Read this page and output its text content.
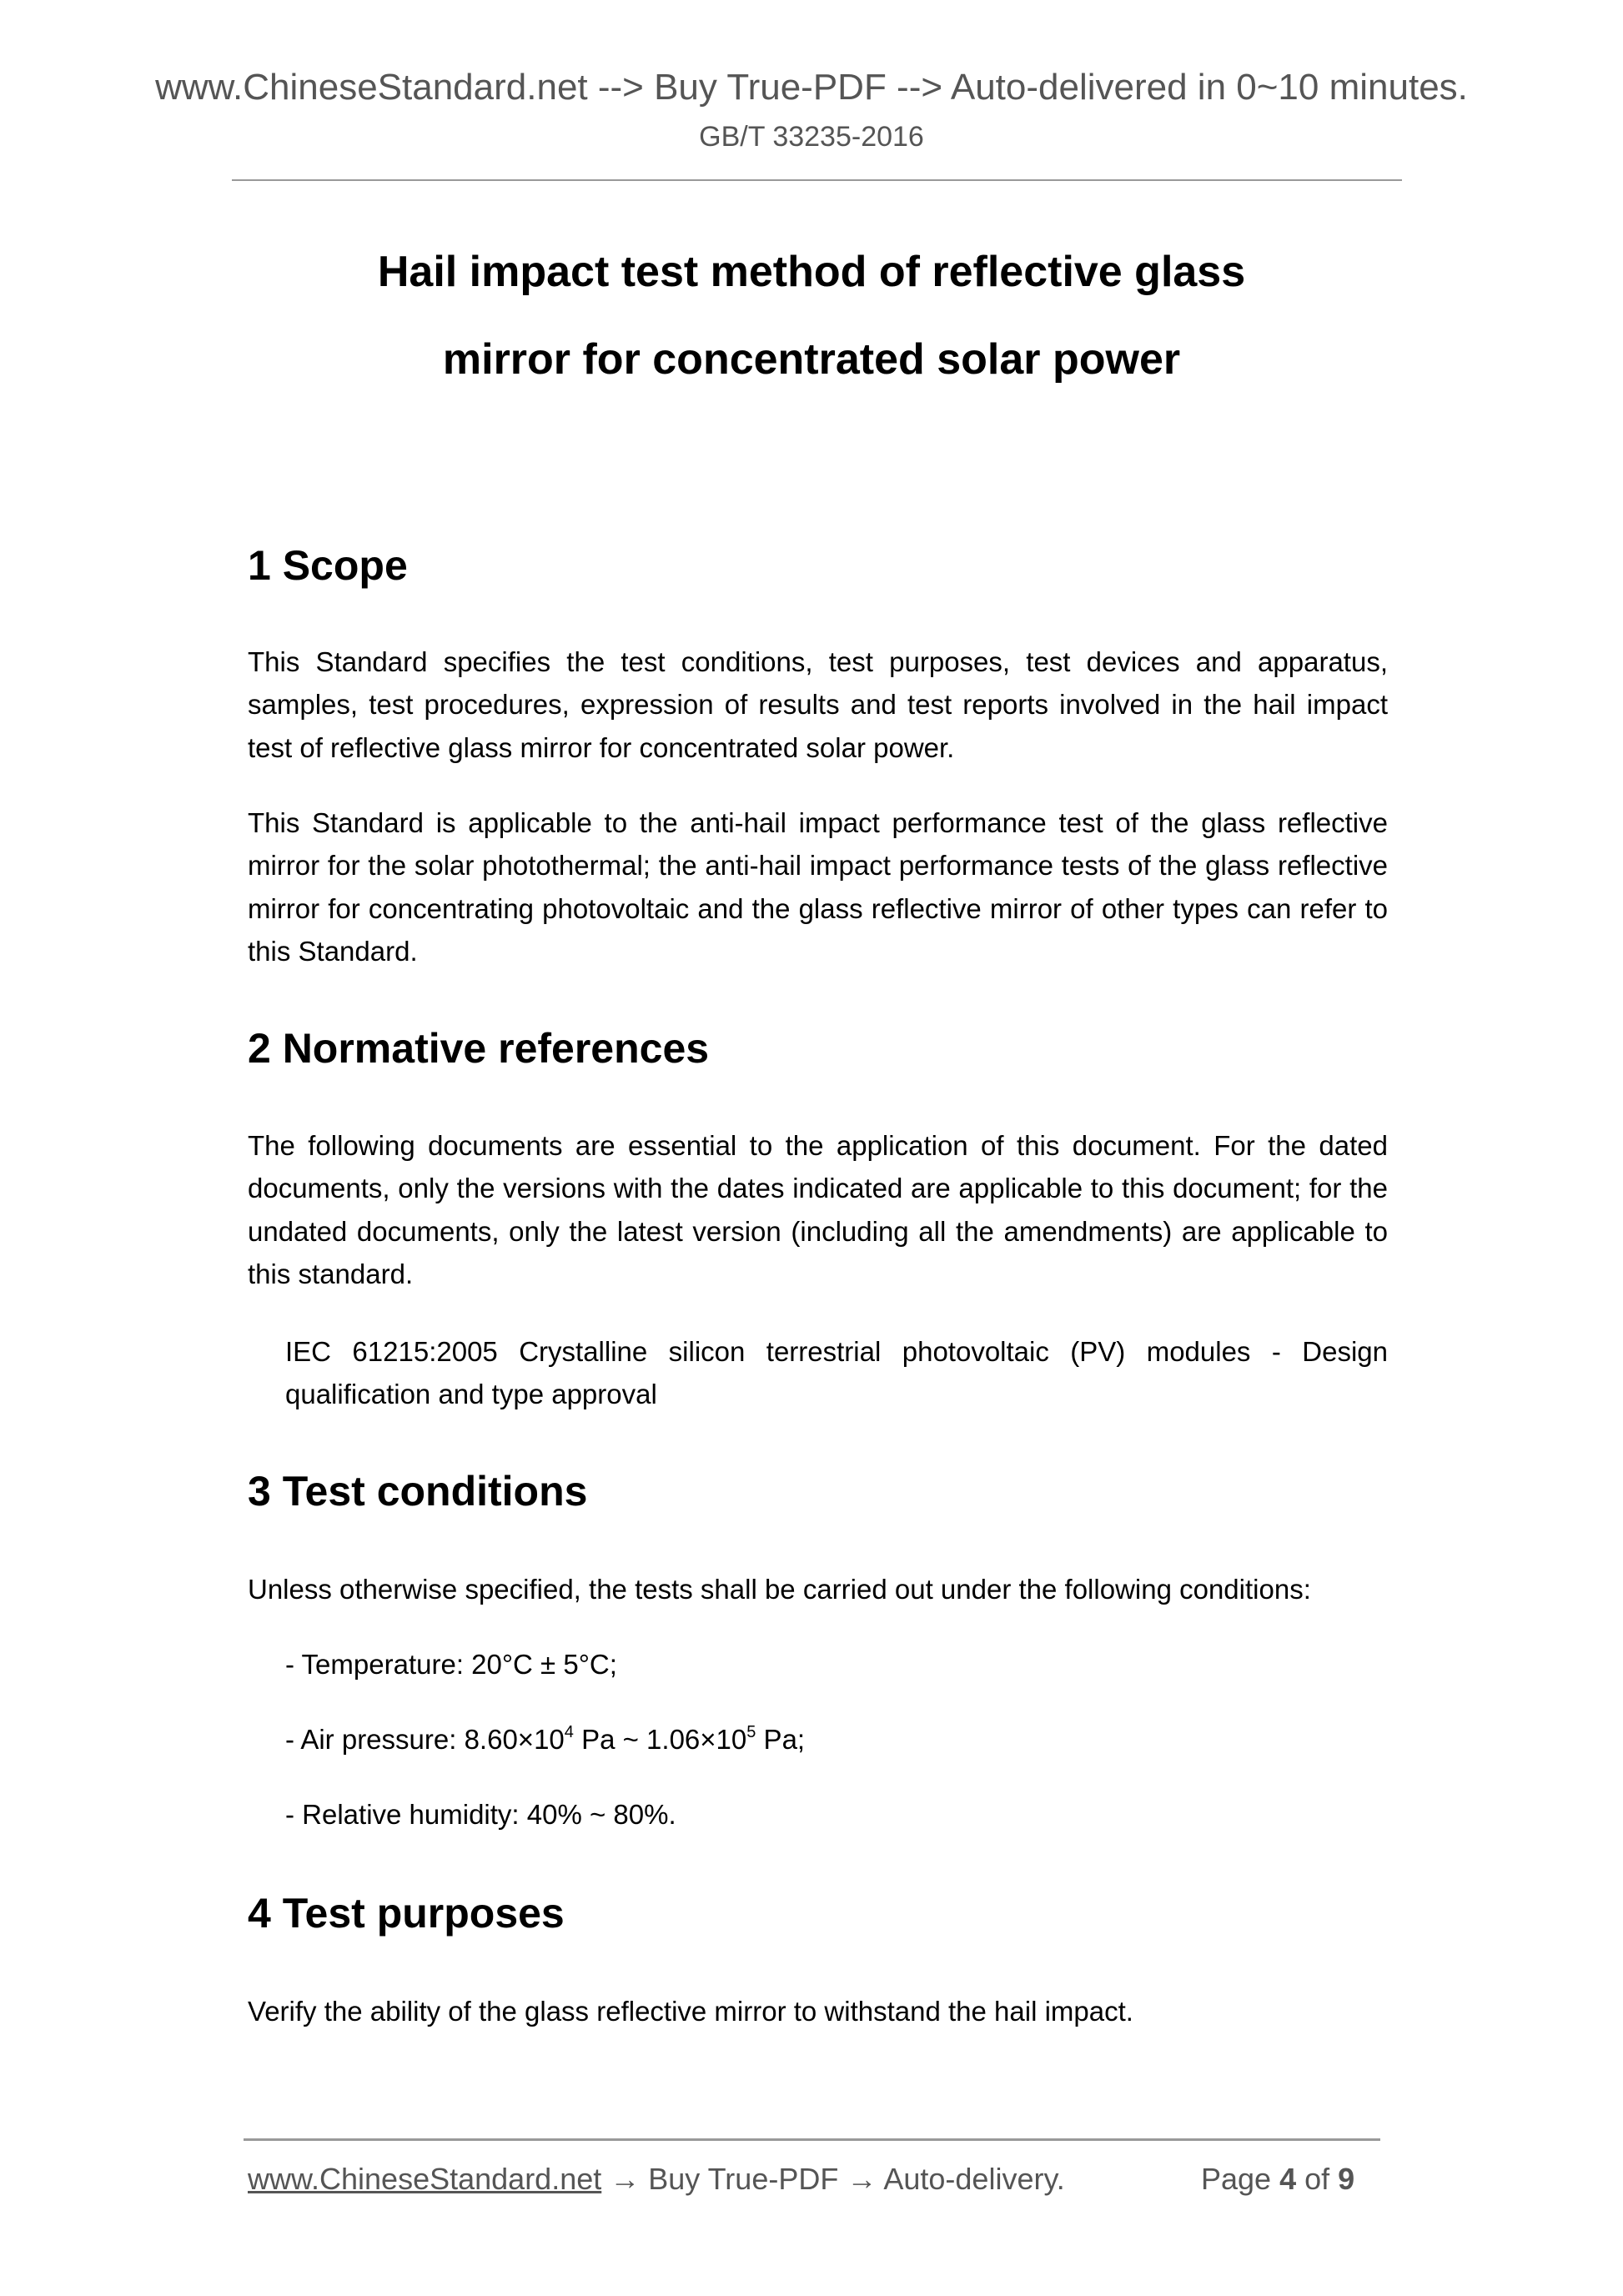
www.ChineseStandard.net --> Buy True-PDF --> Auto-delivered in 0~10 minutes.
GB/T 33235-2016
Hail impact test method of reflective glass
mirror for concentrated solar power
1 Scope
This Standard specifies the test conditions, test purposes, test devices and apparatus, samples, test procedures, expression of results and test reports involved in the hail impact test of reflective glass mirror for concentrated solar power.
This Standard is applicable to the anti-hail impact performance test of the glass reflective mirror for the solar photothermal; the anti-hail impact performance tests of the glass reflective mirror for concentrating photovoltaic and the glass reflective mirror of other types can refer to this Standard.
2 Normative references
The following documents are essential to the application of this document. For the dated documents, only the versions with the dates indicated are applicable to this document; for the undated documents, only the latest version (including all the amendments) are applicable to this standard.
IEC 61215:2005 Crystalline silicon terrestrial photovoltaic (PV) modules - Design qualification and type approval
3 Test conditions
Unless otherwise specified, the tests shall be carried out under the following conditions:
- Temperature: 20°C ± 5°C;
- Air pressure: $8.60\times 10^4$ Pa ~ $1.06\times 10^5$ Pa;
- Relative humidity: 40% ~ 80%.
4 Test purposes
Verify the ability of the glass reflective mirror to withstand the hail impact.
www.ChineseStandard.net → Buy True-PDF → Auto-delivery.	Page 4 of 9
